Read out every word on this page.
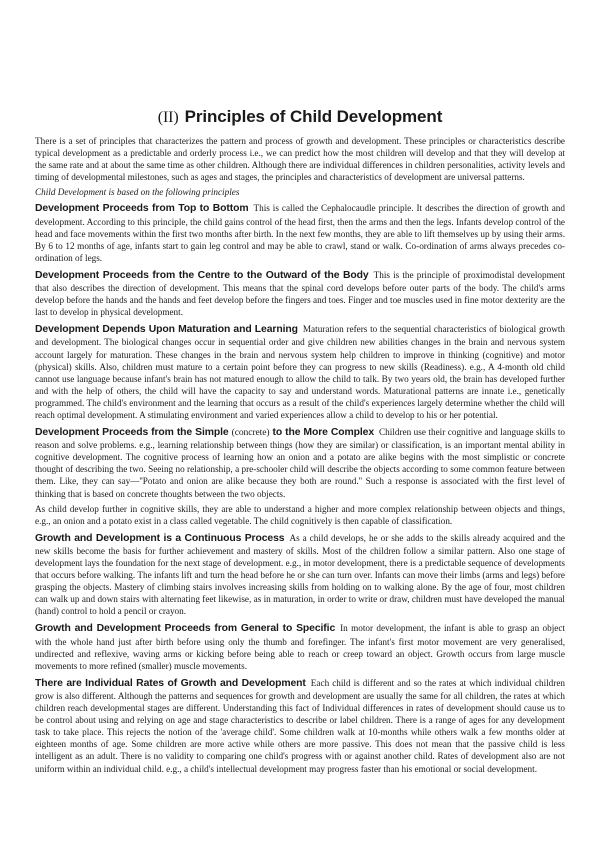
(II) Principles of Child Development

There is a set of principles that characterizes the pattern and process of growth and development. These principles or characteristics describe typical development as a predictable and orderly process i.e., we can predict how the most children will develop and that they will develop at the same rate and at about the same time as other children. Although there are individual differences in children personalities, activity levels and timing of developmental milestones, such as ages and stages, the principles and characteristics of development are universal patterns.

Child Development is based on the following principles

Development Proceeds from Top to Bottom This is called the Cephalocaudle principle. It describes the direction of growth and development. According to this principle, the child gains control of the head first, then the arms and then the legs. Infants develop control of the head and face movements within the first two months after birth. In the next few months, they are able to lift themselves up by using their arms. By 6 to 12 months of age, infants start to gain leg control and may be able to crawl, stand or walk. Co-ordination of arms always precedes co-ordination of legs.

Development Proceeds from the Centre to the Outward of the Body This is the principle of proximodistal development that also describes the direction of development. This means that the spinal cord develops before outer parts of the body. The child's arms develop before the hands and the hands and feet develop before the fingers and toes. Finger and toe muscles used in fine motor dexterity are the last to develop in physical development.

Development Depends Upon Maturation and Learning Maturation refers to the sequential characteristics of biological growth and development. The biological changes occur in sequential order and give children new abilities changes in the brain and nervous system account largely for maturation. These changes in the brain and nervous system help children to improve in thinking (cognitive) and motor (physical) skills. Also, children must mature to a certain point before they can progress to new skills (Readiness). e.g., A 4-month old child cannot use language because infant's brain has not matured enough to allow the child to talk. By two years old, the brain has developed further and with the help of others, the child will have the capacity to say and understand words. Maturational patterns are innate i.e., genetically programmed. The child's environment and the learning that occurs as a result of the child's experiences largely determine whether the child will reach optimal development. A stimulating environment and varied experiences allow a child to develop to his or her potential.

Development Proceeds from the Simple (concrete) to the More Complex Children use their cognitive and language skills to reason and solve problems. e.g., learning relationship between things (how they are similar) or classification, is an important mental ability in cognitive development. The cognitive process of learning how an onion and a potato are alike begins with the most simplistic or concrete thought of describing the two. Seeing no relationship, a pre-schooler child will describe the objects according to some common feature between them. Like, they can say—''Potato and onion are alike because they both are round.'' Such a response is associated with the first level of thinking that is based on concrete thoughts between the two objects.

As child develop further in cognitive skills, they are able to understand a higher and more complex relationship between objects and things, e.g., an onion and a potato exist in a class called vegetable. The child cognitively is then capable of classification.

Growth and Development is a Continuous Process As a child develops, he or she adds to the skills already acquired and the new skills become the basis for further achievement and mastery of skills. Most of the children follow a similar pattern. Also one stage of development lays the foundation for the next stage of development. e.g., in motor development, there is a predictable sequence of developments that occurs before walking. The infants lift and turn the head before he or she can turn over. Infants can move their limbs (arms and legs) before grasping the objects. Mastery of climbing stairs involves increasing skills from holding on to walking alone. By the age of four, most children can walk up and down stairs with alternating feet likewise, as in maturation, in order to write or draw, children must have developed the manual (hand) control to hold a pencil or crayon.

Growth and Development Proceeds from General to Specific In motor development, the infant is able to grasp an object with the whole hand just after birth before using only the thumb and forefinger. The infant's first motor movement are very generalised, undirected and reflexive, waving arms or kicking before being able to reach or creep toward an object. Growth occurs from large muscle movements to more refined (smaller) muscle movements.

There are Individual Rates of Growth and Development Each child is different and so the rates at which individual children grow is also different. Although the patterns and sequences for growth and development are usually the same for all children, the rates at which children reach developmental stages are different. Understanding this fact of Individual differences in rates of development should cause us to be control about using and relying on age and stage characteristics to describe or label children. There is a range of ages for any development task to take place. This rejects the notion of the 'average child'. Some children walk at 10-months while others walk a few months older at eighteen months of age. Some children are more active while others are more passive. This does not mean that the passive child is less intelligent as an adult. There is no validity to comparing one child's progress with or against another child. Rates of development also are not uniform within an individual child. e.g., a child's intellectual development may progress faster than his emotional or social development.
